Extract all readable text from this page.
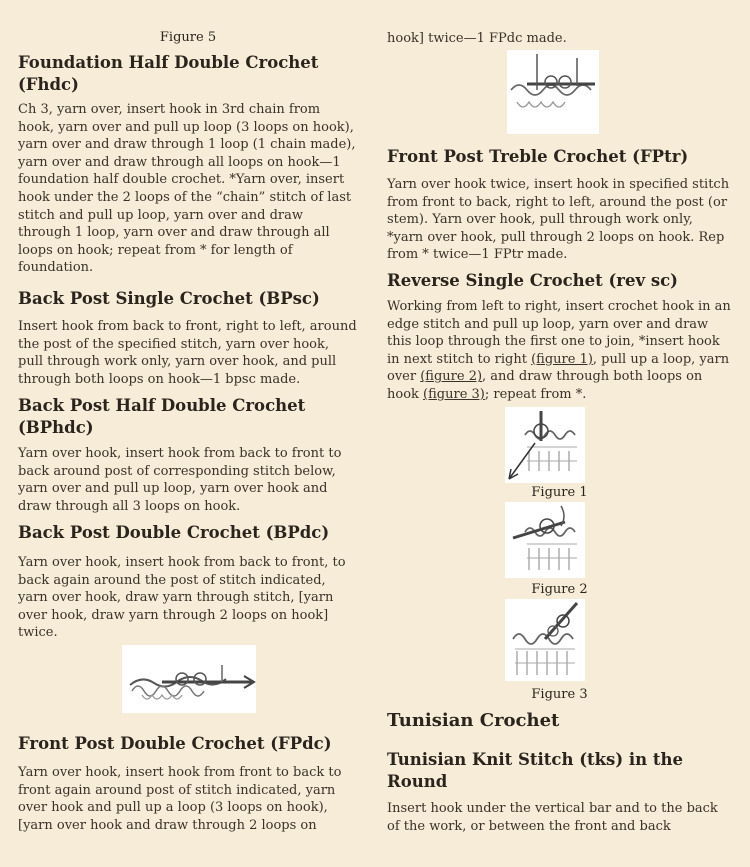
Figure 5
Foundation Half Double Crochet (Fhdc)

Ch 3, yarn over, insert hook in 3rd chain from hook, yarn over and pull up loop (3 loops on hook), yarn over and draw through 1 loop (1 chain made), yarn over and draw through all loops on hook—1 foundation half double crochet. *Yarn over, insert hook under the 2 loops of the “chain” stitch of last stitch and pull up loop, yarn over and draw through 1 loop, yarn over and draw through all loops on hook; repeat from * for length of foundation.

Back Post Single Crochet (BPsc)

Insert hook from back to front, right to left, around the post of the specified stitch, yarn over hook, pull through work only, yarn over hook, and pull through both loops on hook—1 bpsc made.

Back Post Half Double Crochet (BPhdc)

Yarn over hook, insert hook from back to front to back around post of corresponding stitch below, yarn over and pull up loop, yarn over hook and draw through all 3 loops on hook.

Back Post Double Crochet (BPdc)

Yarn over hook, insert hook from back to front, to back again around the post of stitch indicated, yarn over hook, draw yarn through stitch, [yarn over hook, draw yarn through 2 loops on hook] twice.

Front Post Double Crochet (FPdc)

Yarn over hook, insert hook from front to back to front again around post of stitch indicated, yarn over hook and pull up a loop (3 loops on hook), [yarn over hook and draw through 2 loops on

hook] twice—1 FPdc made.

Front Post Treble Crochet (FPtr)

Yarn over hook twice, insert hook in specified stitch from front to back, right to left, around the post (or stem). Yarn over hook, pull through work only, *yarn over hook, pull through 2 loops on hook. Rep from * twice—1 FPtr made.

Reverse Single Crochet (rev sc)

Working from left to right, insert crochet hook in an edge stitch and pull up loop, yarn over and draw this loop through the first one to join, *insert hook in next stitch to right (figure 1), pull up a loop, yarn over (figure 2), and draw through both loops on hook (figure 3); repeat from *.

Figure 1
Figure 2
Figure 3
Tunisian Crochet
Tunisian Knit Stitch (tks) in the Round

Insert hook under the vertical bar and to the back of the work, or between the front and back
